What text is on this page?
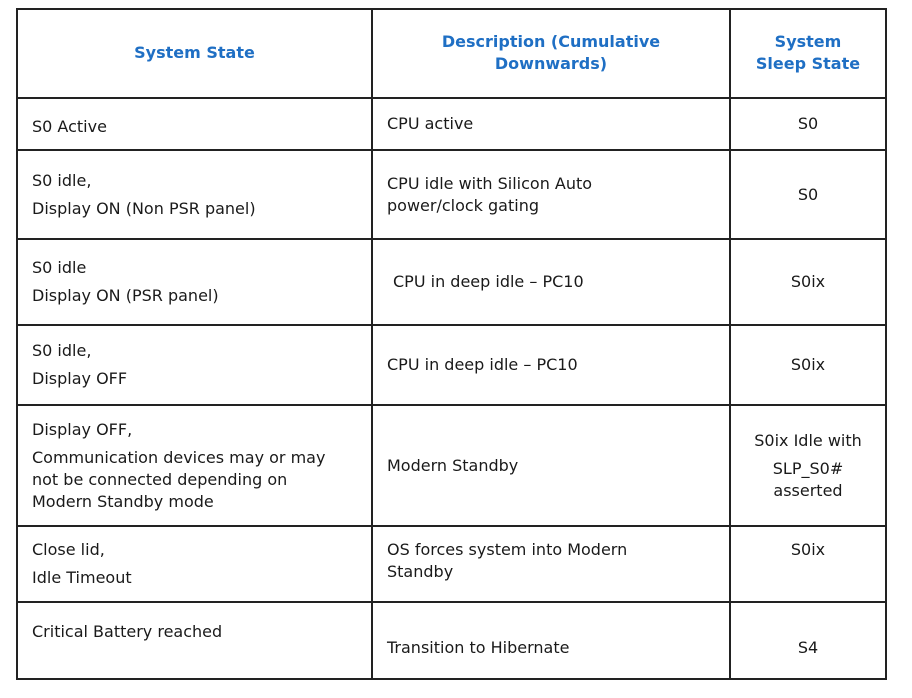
System State	Description (Cumulative
Downwards)	System
Sleep State

S0 Active	CPU active	S0

S0 idle,
Display ON (Non PSR panel)	CPU idle with Silicon Auto
power/clock gating	S0

S0 idle
Display ON (PSR panel)	CPU in deep idle – PC10	S0ix

S0 idle,
Display OFF	CPU in deep idle – PC10	S0ix

Display OFF,
Communication devices may or may
not be connected depending on
Modern Standby mode	Modern Standby	S0ix Idle with
SLP_S0#
asserted

Close lid,
Idle Timeout	OS forces system into Modern
Standby	S0ix

Critical Battery reached	Transition to Hibernate	S4
